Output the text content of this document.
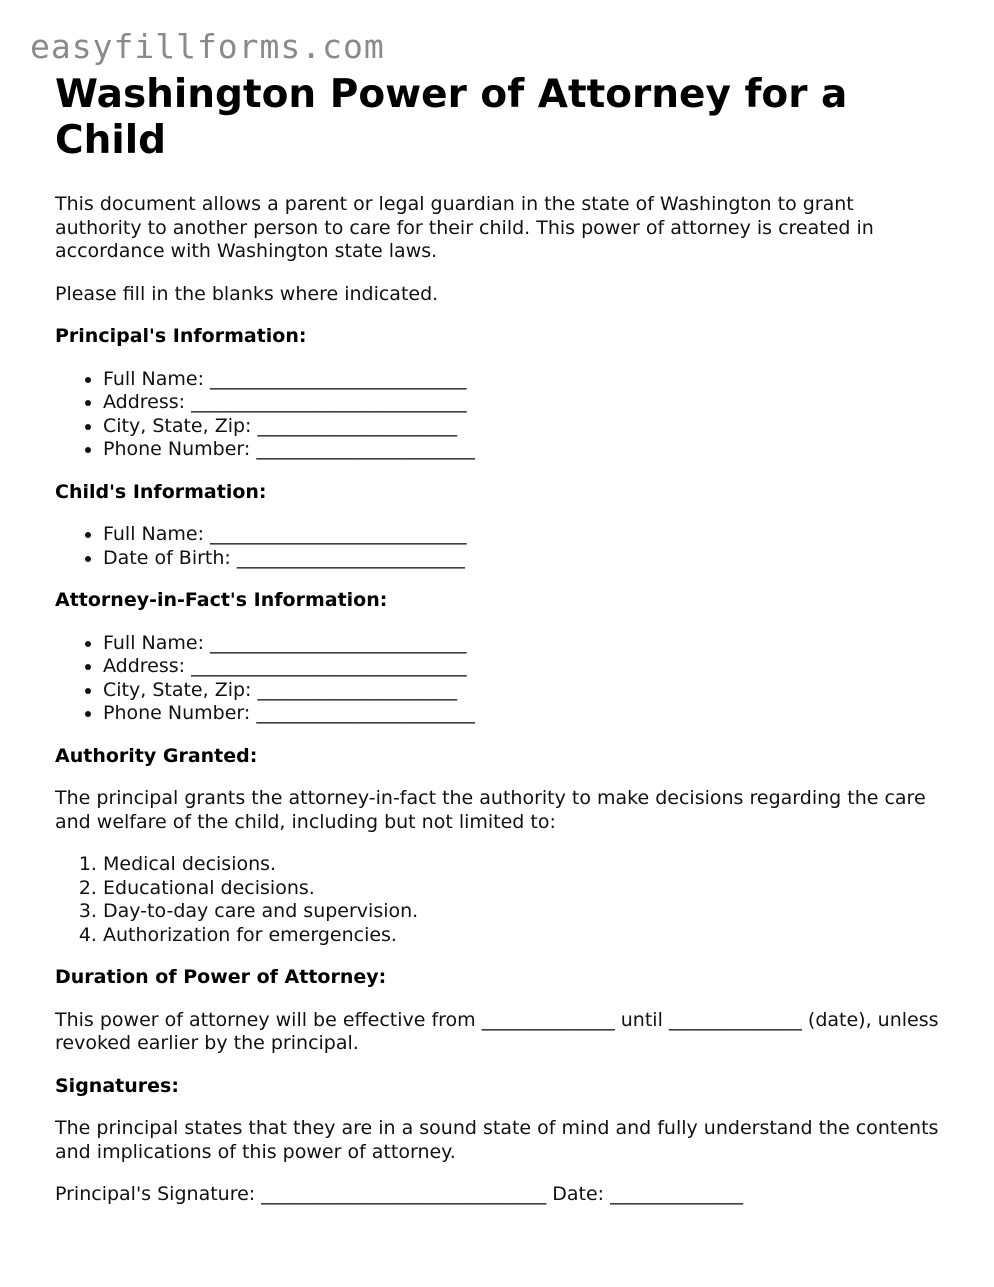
easyfillforms.com
Washington Power of Attorney for a Child

This document allows a parent or legal guardian in the state of Washington to grant authority to another person to care for their child. This power of attorney is created in accordance with Washington state laws.

Please fill in the blanks where indicated.

Principal's Information:
• Full Name: ___________________________
• Address: _____________________________
• City, State, Zip: _____________________
• Phone Number: _______________________
Child's Information:
• Full Name: ___________________________
• Date of Birth: ________________________
Attorney-in-Fact's Information:
• Full Name: ___________________________
• Address: _____________________________
• City, State, Zip: _____________________
• Phone Number: _______________________
Authority Granted:

The principal grants the attorney-in-fact the authority to make decisions regarding the care and welfare of the child, including but not limited to:

1. Medical decisions.
2. Educational decisions.
3. Day-to-day care and supervision.
4. Authorization for emergencies.
Duration of Power of Attorney:

This power of attorney will be effective from ______________ until ______________ (date), unless revoked earlier by the principal.

Signatures:

The principal states that they are in a sound state of mind and fully understand the contents and implications of this power of attorney.

Principal's Signature: ______________________________ Date: ______________
